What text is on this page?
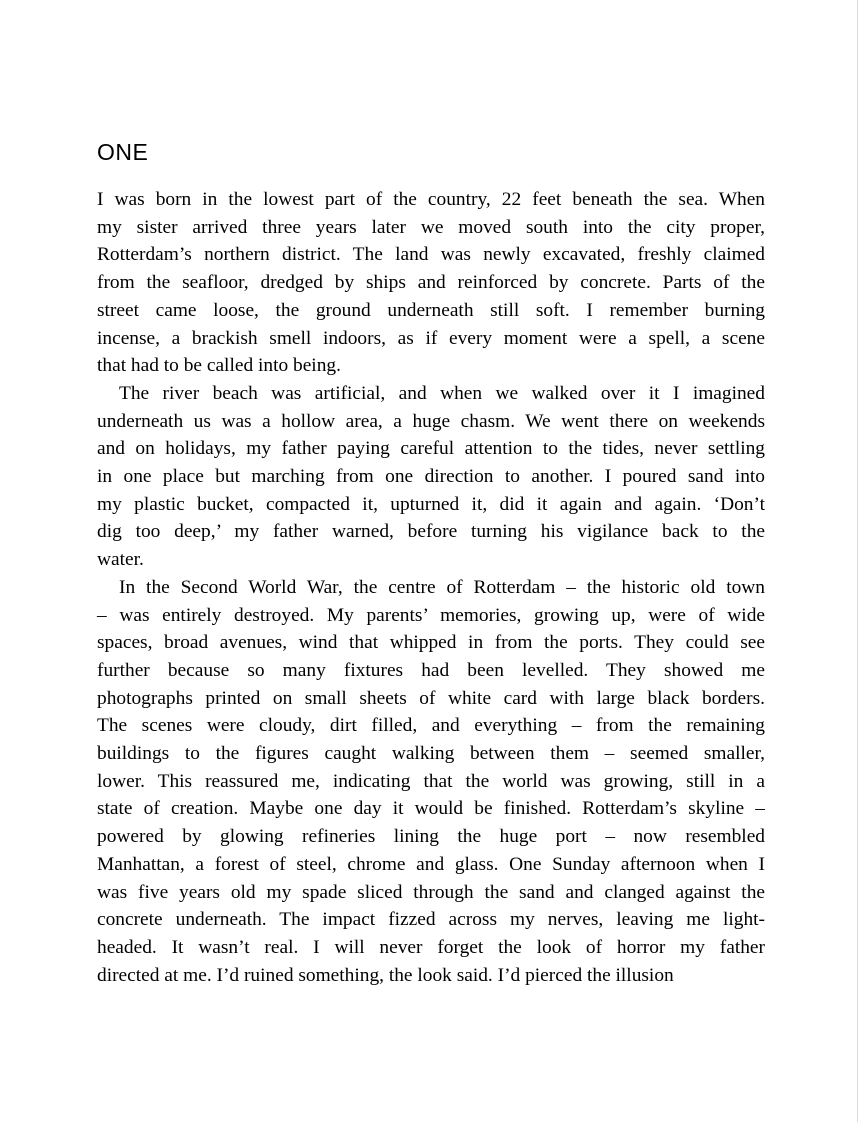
ONE
I was born in the lowest part of the country, 22 feet beneath the sea. When
my sister arrived three years later we moved south into the city proper,
Rotterdam’s northern district. The land was newly excavated, freshly claimed
from the seafloor, dredged by ships and reinforced by concrete. Parts of the
street came loose, the ground underneath still soft. I remember burning
incense, a brackish smell indoors, as if every moment were a spell, a scene
that had to be called into being.
The river beach was artificial, and when we walked over it I imagined
underneath us was a hollow area, a huge chasm. We went there on weekends
and on holidays, my father paying careful attention to the tides, never settling
in one place but marching from one direction to another. I poured sand into
my plastic bucket, compacted it, upturned it, did it again and again. ‘Don’t
dig too deep,’ my father warned, before turning his vigilance back to the
water.
In the Second World War, the centre of Rotterdam – the historic old town
– was entirely destroyed. My parents’ memories, growing up, were of wide
spaces, broad avenues, wind that whipped in from the ports. They could see
further because so many fixtures had been levelled. They showed me
photographs printed on small sheets of white card with large black borders.
The scenes were cloudy, dirt filled, and everything – from the remaining
buildings to the figures caught walking between them – seemed smaller,
lower. This reassured me, indicating that the world was growing, still in a
state of creation. Maybe one day it would be finished. Rotterdam’s skyline –
powered by glowing refineries lining the huge port – now resembled
Manhattan, a forest of steel, chrome and glass. One Sunday afternoon when I
was five years old my spade sliced through the sand and clanged against the
concrete underneath. The impact fizzed across my nerves, leaving me light-
headed. It wasn’t real. I will never forget the look of horror my father
directed at me. I’d ruined something, the look said. I’d pierced the illusion
